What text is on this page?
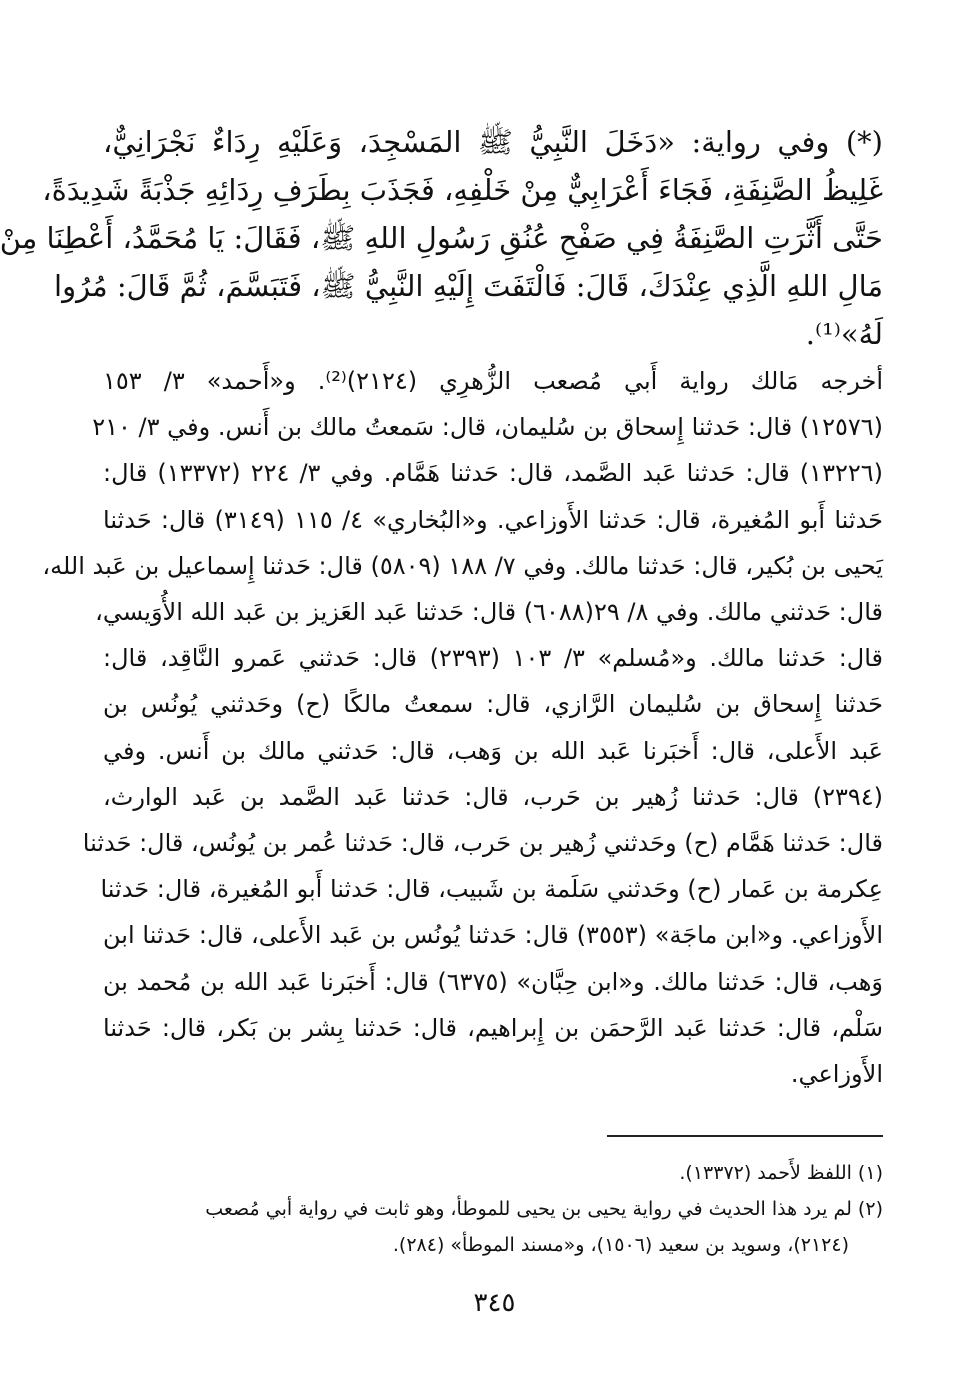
(*) وفي رواية: «دَخَلَ النَّبِيُّ ﷺ المَسْجِدَ، وَعَلَيْهِ رِدَاءٌ نَجْرَانِيٌّ،
غَلِيظُ الصَّنِفَةِ، فَجَاءَ أَعْرَابِيٌّ مِنْ خَلْفِهِ، فَجَذَبَ بِطَرَفِ رِدَائِهِ جَذْبَةً شَدِيدَةً،
حَتَّى أَثَّرَتِ الصَّنِفَةُ فِي صَفْحِ عُنُقِ رَسُولِ اللهِ ﷺ، فَقَالَ: يَا مُحَمَّدُ، أَعْطِنَا مِنْ
مَالِ اللهِ الَّذِي عِنْدَكَ، قَالَ: فَالْتَفَتَ إِلَيْهِ النَّبِيُّ ﷺ، فَتَبَسَّمَ، ثُمَّ قَالَ: مُرُوا
لَهُ»⁽¹⁾.
أخرجه مَالك رواية أَبي مُصعب الزُّهرِي (٢١٢٤)⁽²⁾. و«أَحمد» ٣/ ١٥٣
(١٢٥٧٦) قال: حَدثنا إِسحاق بن سُليمان، قال: سَمعتُ مالك بن أَنس. وفي ٣/ ٢١٠
(١٣٢٢٦) قال: حَدثنا عَبد الصَّمد، قال: حَدثنا هَمَّام. وفي ٣/ ٢٢٤ (١٣٣٧٢) قال:
حَدثنا أَبو المُغيرة، قال: حَدثنا الأَوزاعي. و«البُخاري» ٤/ ١١٥ (٣١٤٩) قال: حَدثنا
يَحيى بن بُكير، قال: حَدثنا مالك. وفي ٧/ ١٨٨ (٥٨٠٩) قال: حَدثنا إِسماعيل بن عَبد الله،
قال: حَدثني مالك. وفي ٨/ ٢٩(٦٠٨٨) قال: حَدثنا عَبد العَزيز بن عَبد الله الأُوَيسي،
قال: حَدثنا مالك. و«مُسلم» ٣/ ١٠٣ (٢٣٩٣) قال: حَدثني عَمرو النَّاقِد، قال:
حَدثنا إِسحاق بن سُليمان الرَّازي، قال: سمعتُ مالكًا (ح) وحَدثني يُونُس بن
عَبد الأَعلى، قال: أَخبَرنا عَبد الله بن وَهب، قال: حَدثني مالك بن أَنس. وفي
(٢٣٩٤) قال: حَدثنا زُهير بن حَرب، قال: حَدثنا عَبد الصَّمد بن عَبد الوارث،
قال: حَدثنا هَمَّام (ح) وحَدثني زُهير بن حَرب، قال: حَدثنا عُمر بن يُونُس، قال: حَدثنا
عِكرمة بن عَمار (ح) وحَدثني سَلَمة بن شَبيب، قال: حَدثنا أَبو المُغيرة، قال: حَدثنا
الأَوزاعي. و«ابن ماجَة» (٣٥٥٣) قال: حَدثنا يُونُس بن عَبد الأَعلى، قال: حَدثنا ابن
وَهب، قال: حَدثنا مالك. و«ابن حِبَّان» (٦٣٧٥) قال: أَخبَرنا عَبد الله بن مُحمد بن
سَلْم، قال: حَدثنا عَبد الرَّحمَن بن إِبراهيم، قال: حَدثنا بِشر بن بَكر، قال: حَدثنا
الأَوزاعي.
(١) اللفظ لأَحمد (١٣٣٧٢).
(٢) لم يرد هذا الحديث في رواية يحيى بن يحيى للموطأ، وهو ثابت في رواية أبي مُصعب
(٢١٢٤)، وسويد بن سعيد (١٥٠٦)، و«مسند الموطأ» (٢٨٤).
٣٤٥
